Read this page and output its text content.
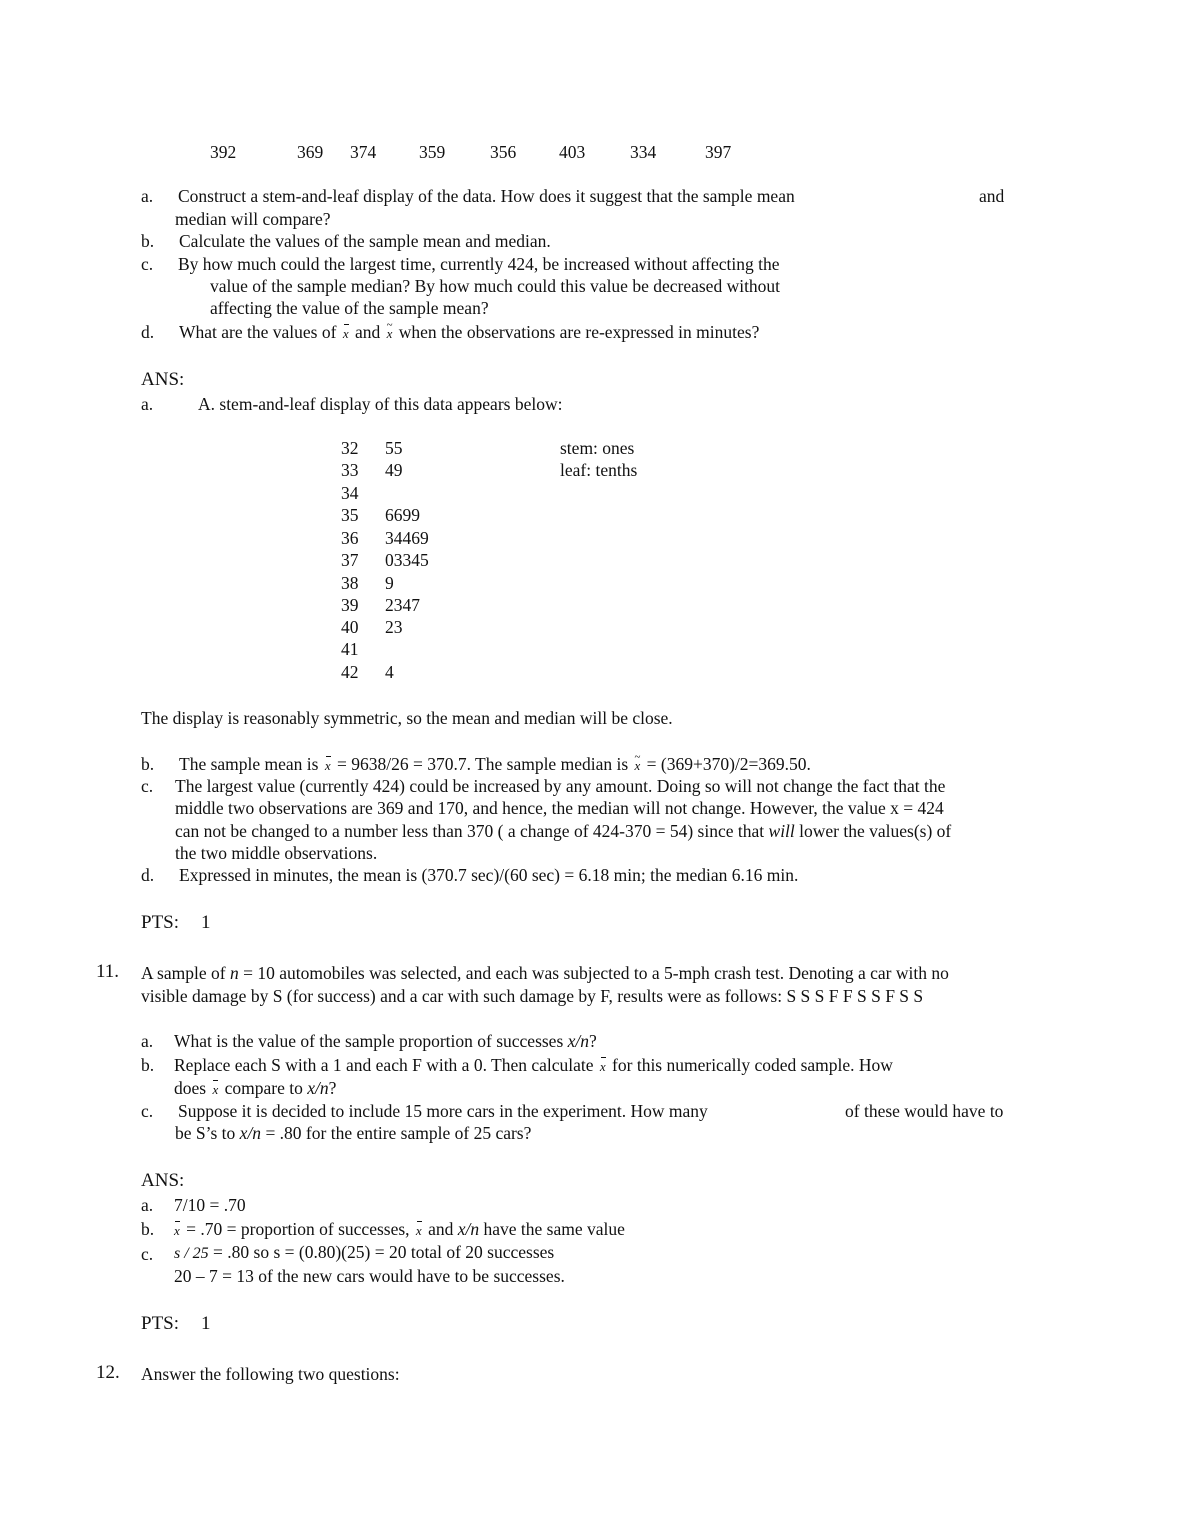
392	369 374 359	356 403	334	397
a. Construct a stem-and-leaf display of the data. How does it suggest that the sample mean	and
median will compare?
b. Calculate the values of the sample mean and median.
c. By how much could the largest time, currently 424, be increased without affecting the
value of the sample median? By how much could this value be decreased without
affecting the value of the sample mean?
d. What are the values of x and ~ x when the observations are re-expressed in minutes?
ANS:
a.	A. stem-and-leaf display of this data appears below:
32	55
33	49
34
35	6699
36	34469
37	03345
38	9
39	2347
40	23
41
42	4
stem: ones
leaf: tenths
The display is reasonably symmetric, so the mean and median will be close.
b. The sample mean is x = 9638/26 = 370.7. The sample median is ~ x = (369+370)/2=369.50.
c. The largest value (currently 424) could be increased by any amount. Doing so will not change the fact that the
middle two observations are 369 and 170, and hence, the median will not change. However, the value x = 424
can not be changed to a number less than 370 ( a change of 424-370 = 54) since that will lower the values(s) of
the two middle observations.
d. Expressed in minutes, the mean is (370.7 sec)/(60 sec) = 6.18 min; the median 6.16 min.
PTS: 1
11. A sample of n = 10 automobiles was selected, and each was subjected to a 5-mph crash test. Denoting a car with no
visible damage by S (for success) and a car with such damage by F, results were as follows: S S S F F S S F S S
a. What is the value of the sample proportion of successes x/n?
b. Replace each S with a 1 and each F with a 0. Then calculate x for this numerically coded sample. How
does x compare to x/n?
c. Suppose it is decided to include 15 more cars in the experiment. How many	of these would have to
be S’s to x/n = .80 for the entire sample of 25 cars?
ANS:
a. 7/10 = .70
b. x = .70 = proportion of successes, x and x/n have the same value
c. s / 25 = .80 so s = (0.80)(25) = 20 total of 20 successes
20 – 7 = 13 of the new cars would have to be successes.
PTS: 1
12. Answer the following two questions:
